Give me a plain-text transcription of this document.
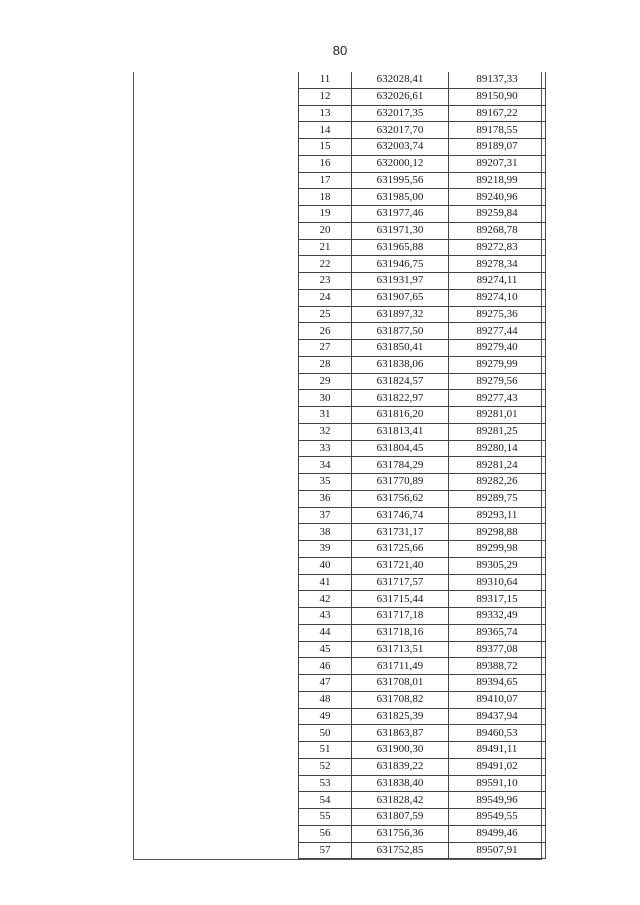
80
11	632028,41	89137,33
12	632026,61	89150,90
13	632017,35	89167,22
14	632017,70	89178,55
15	632003,74	89189,07
16	632000,12	89207,31
17	631995,56	89218,99
18	631985,00	89240,96
19	631977,46	89259,84
20	631971,30	89268,78
21	631965,88	89272,83
22	631946,75	89278,34
23	631931,97	89274,11
24	631907,65	89274,10
25	631897,32	89275,36
26	631877,50	89277,44
27	631850,41	89279,40
28	631838,06	89279,99
29	631824,57	89279,56
30	631822,97	89277,43
31	631816,20	89281,01
32	631813,41	89281,25
33	631804,45	89280,14
34	631784,29	89281,24
35	631770,89	89282,26
36	631756,62	89289,75
37	631746,74	89293,11
38	631731,17	89298,88
39	631725,66	89299,98
40	631721,40	89305,29
41	631717,57	89310,64
42	631715,44	89317,15
43	631717,18	89332,49
44	631718,16	89365,74
45	631713,51	89377,08
46	631711,49	89388,72
47	631708,01	89394,65
48	631708,82	89410,07
49	631825,39	89437,94
50	631863,87	89460,53
51	631900,30	89491,11
52	631839,22	89491,02
53	631838,40	89591,10
54	631828,42	89549,96
55	631807,59	89549,55
56	631756,36	89499,46
57	631752,85	89507,91
